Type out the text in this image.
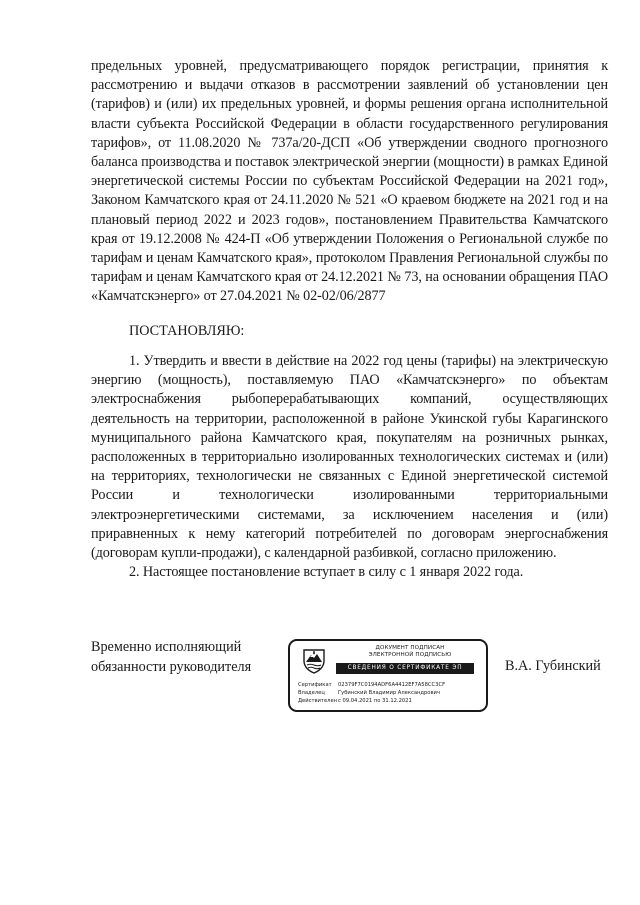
предельных уровней, предусматривающего порядок регистрации, принятия к рассмотрению и выдачи отказов в рассмотрении заявлений об установлении цен (тарифов) и (или) их предельных уровней, и формы решения органа исполнительной власти субъекта Российской Федерации в области государственного регулирования тарифов», от 11.08.2020 № 737а/20-ДСП «Об утверждении сводного прогнозного баланса производства и поставок электрической энергии (мощности) в рамках Единой энергетической системы России по субъектам Российской Федерации на 2021 год», Законом Камчатского края от 24.11.2020 № 521 «О краевом бюджете на 2021 год и на плановый период 2022 и 2023 годов», постановлением Правительства Камчатского края от 19.12.2008 № 424-П «Об утверждении Положения о Региональной службе по тарифам и ценам Камчатского края», протоколом Правления Региональной службы по тарифам и ценам Камчатского края от 24.12.2021 № 73, на основании обращения ПАО «Камчатскэнерго» от 27.04.2021 № 02-02/06/2877

ПОСТАНОВЛЯЮ:

1. Утвердить и ввести в действие на 2022 год цены (тарифы) на электрическую энергию (мощность), поставляемую ПАО «Камчатскэнерго» по объектам электроснабжения рыбоперерабатывающих компаний, осуществляющих деятельность на территории, расположенной в районе Укинской губы Карагинского муниципального района Камчатского края, покупателям на розничных рынках, расположенных в территориально изолированных технологических системах и (или) на территориях, технологически не связанных с Единой энергетической системой России и технологически изолированными территориальными электроэнергетическими системами, за исключением населения и (или) приравненных к нему категорий потребителей по договорам энергоснабжения (договорам купли-продажи), с календарной разбивкой, согласно приложению.

2. Настоящее постановление вступает в силу с 1 января 2022 года.

Временно исполняющий
обязанности руководителя

ДОКУМЕНТ ПОДПИСАН
ЭЛЕКТРОННОЙ ПОДПИСЬЮ
СВЕДЕНИЯ О СЕРТИФИКАТЕ ЭП
Сертификат	02379F7C0194ADF6A4412EF7A58CC3CF
Владелец	Губинский Владимир Александрович
Действителен с 09.04.2021 по 31.12.2021

В.А. Губинский
